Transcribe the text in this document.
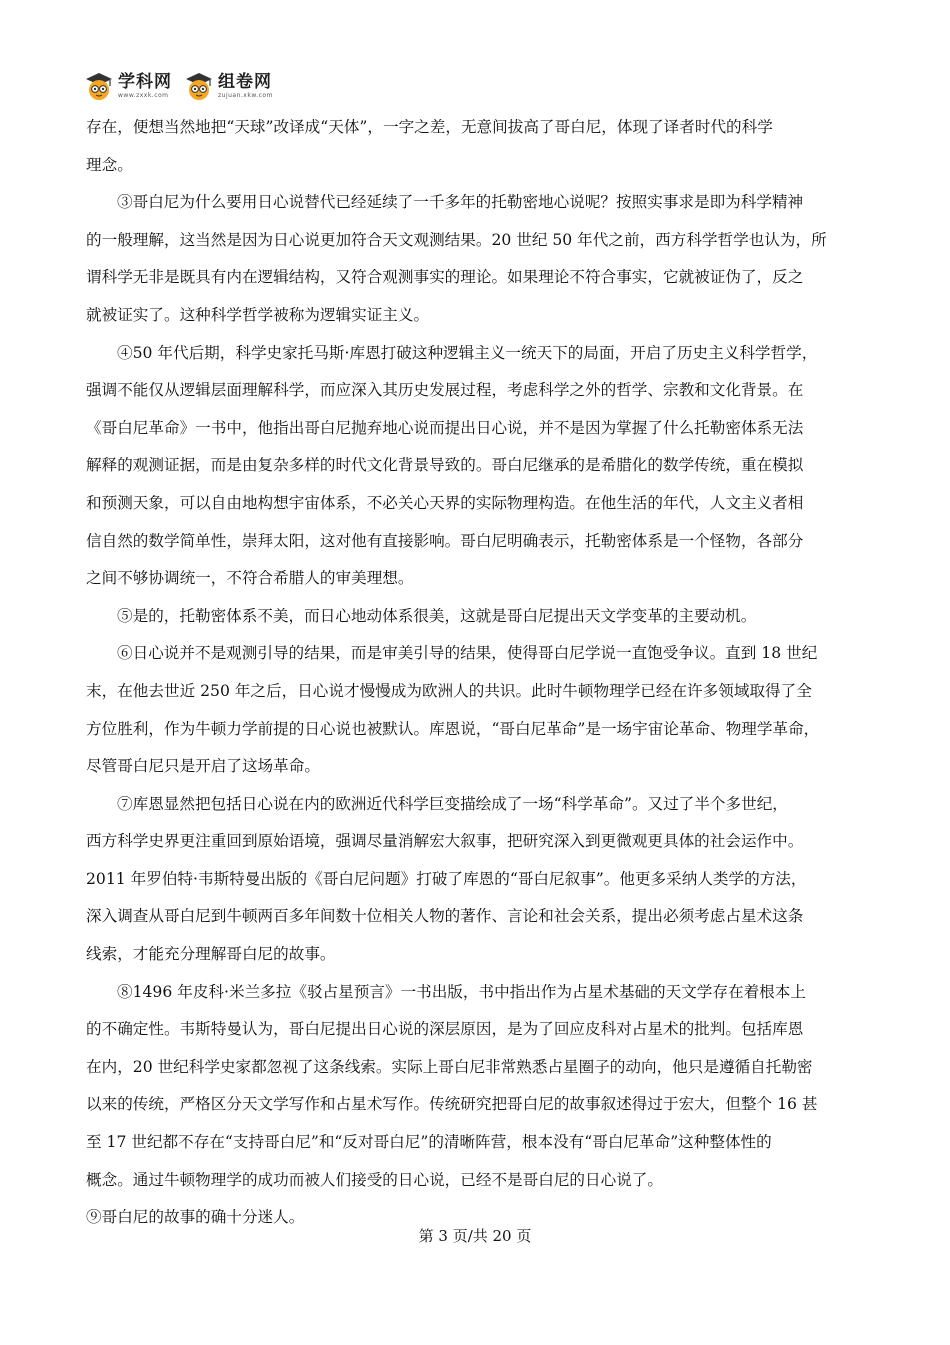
学科网
www.zxxk.com
组卷网
zujuan.xkw.com
存在，便想当然地把“天球”改译成“天体”，一字之差，无意间拔高了哥白尼，体现了译者时代的科学
理念。
③哥白尼为什么要用日心说替代已经延续了一千多年的托勒密地心说呢？按照实事求是即为科学精神
的一般理解，这当然是因为日心说更加符合天文观测结果。20 世纪 50 年代之前，西方科学哲学也认为，所
谓科学无非是既具有内在逻辑结构，又符合观测事实的理论。如果理论不符合事实，它就被证伪了，反之
就被证实了。这种科学哲学被称为逻辑实证主义。
④50 年代后期，科学史家托马斯·库恩打破这种逻辑主义一统天下的局面，开启了历史主义科学哲学，
强调不能仅从逻辑层面理解科学，而应深入其历史发展过程，考虑科学之外的哲学、宗教和文化背景。在
《哥白尼革命》一书中，他指出哥白尼抛弃地心说而提出日心说，并不是因为掌握了什么托勒密体系无法
解释的观测证据，而是由复杂多样的时代文化背景导致的。哥白尼继承的是希腊化的数学传统，重在模拟
和预测天象，可以自由地构想宇宙体系，不必关心天界的实际物理构造。在他生活的年代，人文主义者相
信自然的数学简单性，崇拜太阳，这对他有直接影响。哥白尼明确表示，托勒密体系是一个怪物，各部分
之间不够协调统一，不符合希腊人的审美理想。
⑤是的，托勒密体系不美，而日心地动体系很美，这就是哥白尼提出天文学变革的主要动机。
⑥日心说并不是观测引导的结果，而是审美引导的结果，使得哥白尼学说一直饱受争议。直到 18 世纪
末，在他去世近 250 年之后，日心说才慢慢成为欧洲人的共识。此时牛顿物理学已经在许多领域取得了全
方位胜利，作为牛顿力学前提的日心说也被默认。库恩说，“哥白尼革命”是一场宇宙论革命、物理学革命，
尽管哥白尼只是开启了这场革命。
⑦库恩显然把包括日心说在内的欧洲近代科学巨变描绘成了一场“科学革命”。又过了半个多世纪，
西方科学史界更注重回到原始语境，强调尽量消解宏大叙事，把研究深入到更微观更具体的社会运作中。
2011 年罗伯特·韦斯特曼出版的《哥白尼问题》打破了库恩的“哥白尼叙事”。他更多采纳人类学的方法，
深入调查从哥白尼到牛顿两百多年间数十位相关人物的著作、言论和社会关系，提出必须考虑占星术这条
线索，才能充分理解哥白尼的故事。
⑧1496 年皮科·米兰多拉《驳占星预言》一书出版，书中指出作为占星术基础的天文学存在着根本上
的不确定性。韦斯特曼认为，哥白尼提出日心说的深层原因，是为了回应皮科对占星术的批判。包括库恩
在内，20 世纪科学史家都忽视了这条线索。实际上哥白尼非常熟悉占星圈子的动向，他只是遵循自托勒密
以来的传统，严格区分天文学写作和占星术写作。传统研究把哥白尼的故事叙述得过于宏大，但整个 16 甚
至 17 世纪都不存在“支持哥白尼”和“反对哥白尼”的清晰阵营，根本没有“哥白尼革命”这种整体性的
概念。通过牛顿物理学的成功而被人们接受的日心说，已经不是哥白尼的日心说了。
⑨哥白尼的故事的确十分迷人。
第 3 页/共 20 页
